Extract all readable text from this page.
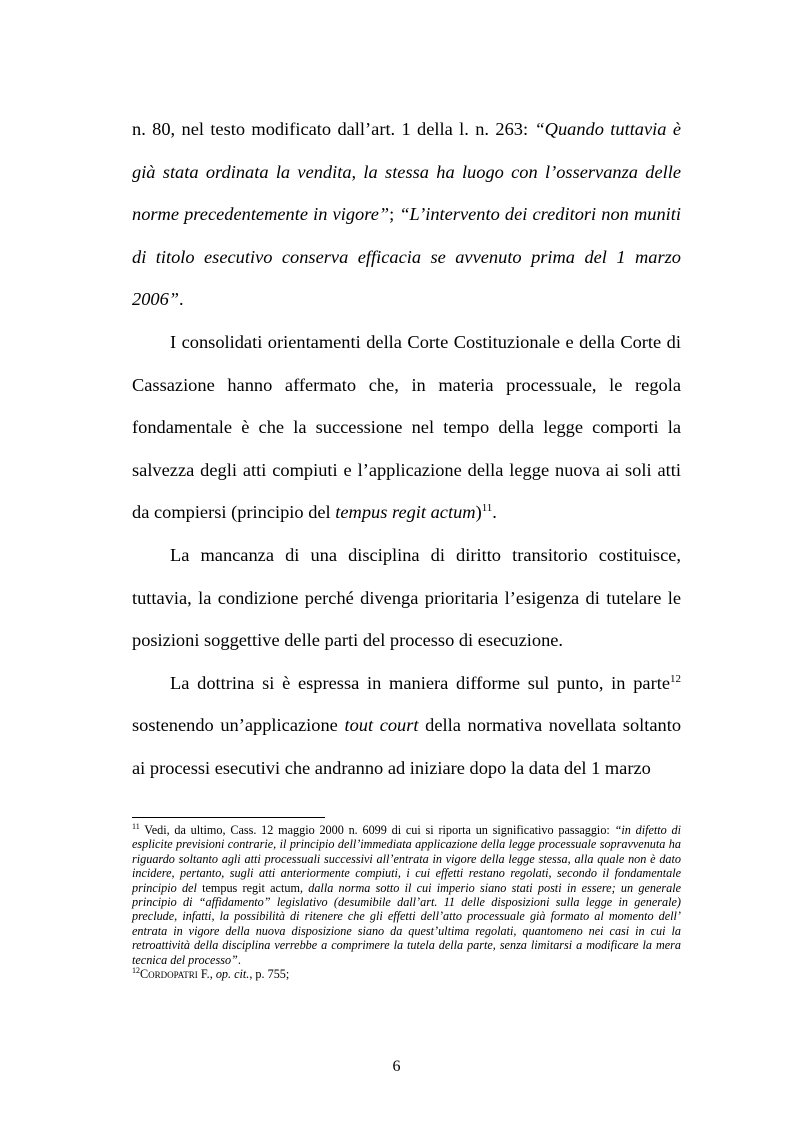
n. 80, nel testo modificato dall’art. 1 della l. n. 263: “Quando tuttavia è già stata ordinata la vendita, la stessa ha luogo con l’osservanza delle norme precedentemente in vigore”; “L’intervento dei creditori non muniti di titolo esecutivo conserva efficacia se avvenuto prima del 1 marzo 2006”.

I consolidati orientamenti della Corte Costituzionale e della Corte di Cassazione hanno affermato che, in materia processuale, le regola fondamentale è che la successione nel tempo della legge comporti la salvezza degli atti compiuti e l’applicazione della legge nuova ai soli atti da compiersi (principio del tempus regit actum)$^{11}$.

La mancanza di una disciplina di diritto transitorio costituisce, tuttavia, la condizione perché divenga prioritaria l’esigenza di tutelare le posizioni soggettive delle parti del processo di esecuzione.

La dottrina si è espressa in maniera difforme sul punto, in parte$^{12}$ sostenendo un’applicazione tout court della normativa novellata soltanto ai processi esecutivi che andranno ad iniziare dopo la data del 1 marzo

$^{11}$ Vedi, da ultimo, Cass. 12 maggio 2000 n. 6099 di cui si riporta un significativo passaggio: “in difetto di esplicite previsioni contrarie, il principio dell’immediata applicazione della legge processuale sopravvenuta ha riguardo soltanto agli atti processuali successivi all’entrata in vigore della legge stessa, alla quale non è dato incidere, pertanto, sugli atti anteriormente compiuti, i cui effetti restano regolati, secondo il fondamentale principio del tempus regit actum, dalla norma sotto il cui imperio siano stati posti in essere; un generale principio di “affidamento” legislativo (desumibile dall’art. 11 delle disposizioni sulla legge in generale) preclude, infatti, la possibilità di ritenere che gli effetti dell’atto processuale già formato al momento dell’ entrata in vigore della nuova disposizione siano da quest’ultima regolati, quantomeno nei casi in cui la retroattività della disciplina verrebbe a comprimere la tutela della parte, senza limitarsi a modificare la mera tecnica del processo”.

$^{12}$Cordopatri F., op. cit., p. 755;

6
